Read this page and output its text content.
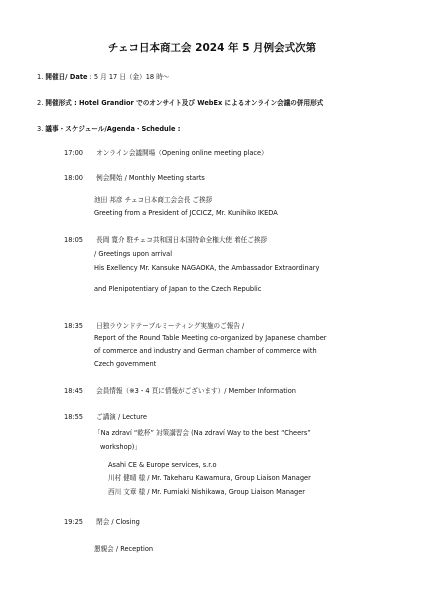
チェコ日本商工会 2024 年 5 月例会式次第
1. 開催日/ Date : 5 月 17 日（金）18 時～
2. 開催形式 : Hotel Grandior でのオンサイト及び WebEx によるオンライン会議の併用形式
3. 議事・スケジュール/Agenda・Schedule :
17:00 オンライン会議開場（Opening online meeting place）
18:00 例会開始 / Monthly Meeting starts
池田 邦彦 チェコ日本商工会会長 ご挨拶
Greeting from a President of JCCICZ, Mr. Kunihiko IKEDA
18:05 長岡 寛介 駐チェコ共和国日本国特命全権大使 着任ご挨拶
/ Greetings upon arrival
His Exellency Mr. Kansuke NAGAOKA, the Ambassador Extraordinary
and Plenipotentiary of Japan to the Czech Republic
18:35 日独ラウンドテーブルミーティング実施のご報告 /
Report of the Round Table Meeting co-organized by Japanese chamber
of commerce and industry and German chamber of commerce with
Czech government
18:45 会員情報（※3・4 頁に情報がございます）/ Member Information
18:55 ご講演 / Lecture
「Na zdraví “乾杯” 対策講習会 (Na zdraví Way to the best “Cheers”
workshop)」
Asahi CE & Europe services, s.r.o
川村 健晴 様 / Mr. Takeharu Kawamura, Group Liaison Manager
西川 文章 様 / Mr. Fumiaki Nishikawa, Group Liaison Manager
19:25 閉会 / Closing
懇親会 / Reception
